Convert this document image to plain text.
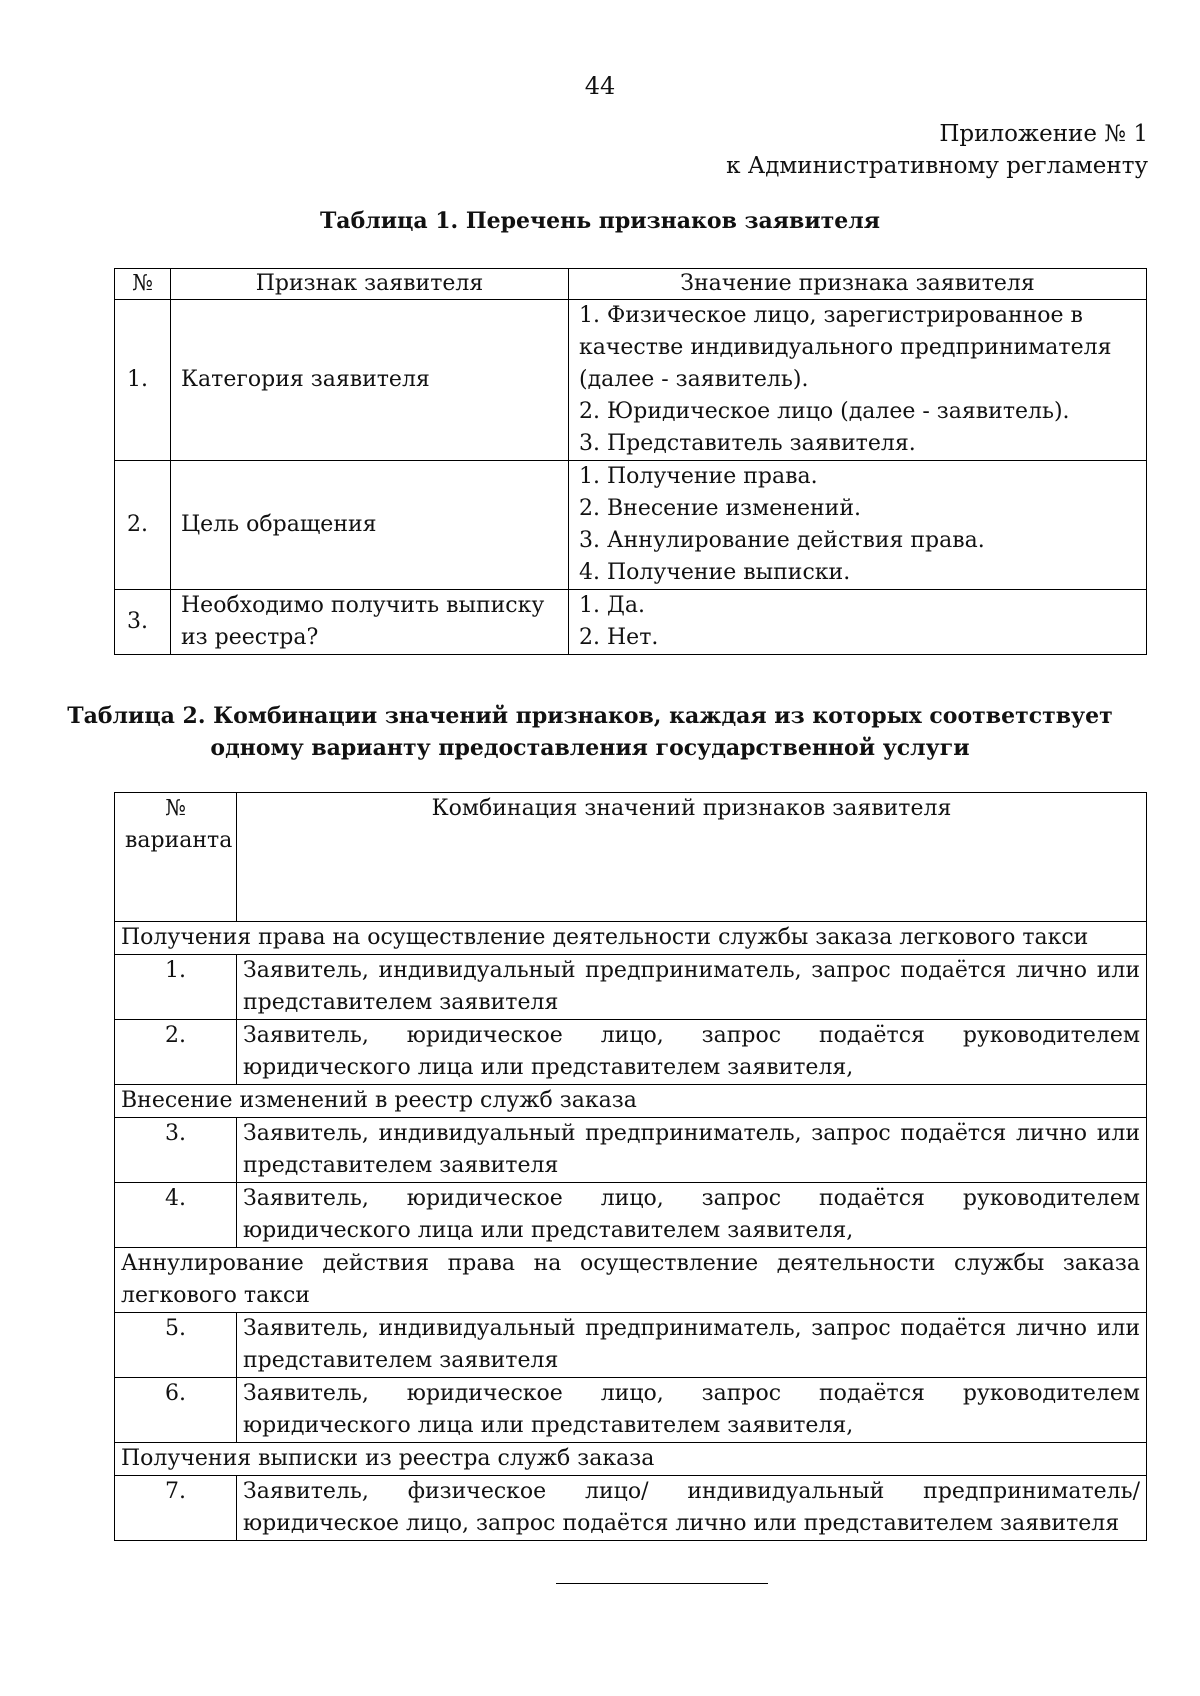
44
Приложение № 1
к Административному регламенту
Таблица 1. Перечень признаков заявителя
№	Признак заявителя	Значение признака заявителя
1.	Категория заявителя	1. Физическое лицо, зарегистрированное в качестве индивидуального предпринимателя (далее - заявитель).
2. Юридическое лицо (далее - заявитель).
3. Представитель заявителя.

2.	Цель обращения	1. Получение права.
2. Внесение изменений.
3. Аннулирование действия права.
4. Получение выписки.

3.	Необходимо получить выписку из реестра?	1. Да.
2. Нет.
Таблица 2. Комбинации значений признаков, каждая из которых соответствует одному варианту предоставления государственной услуги
№ варианта	Комбинация значений признаков заявителя
Получения права на осуществление деятельности службы заказа легкового такси	
1.	Заявитель, индивидуальный предприниматель, запрос подаётся лично или представителем заявителя
2.	Заявитель, юридическое лицо, запрос подаётся руководителем юридического лица или представителем заявителя,
Внесение изменений в реестр служб заказа	
3.	Заявитель, индивидуальный предприниматель, запрос подаётся лично или представителем заявителя
4.	Заявитель, юридическое лицо, запрос подаётся руководителем юридического лица или представителем заявителя,
Аннулирование действия права на осуществление деятельности службы заказа легкового такси	
5.	Заявитель, индивидуальный предприниматель, запрос подаётся лично или представителем заявителя
6.	Заявитель, юридическое лицо, запрос подаётся руководителем юридического лица или представителем заявителя,
Получения выписки из реестра служб заказа	
7.	Заявитель, физическое лицо/ индивидуальный предприниматель/ юридическое лицо, запрос подаётся лично или представителем заявителя
